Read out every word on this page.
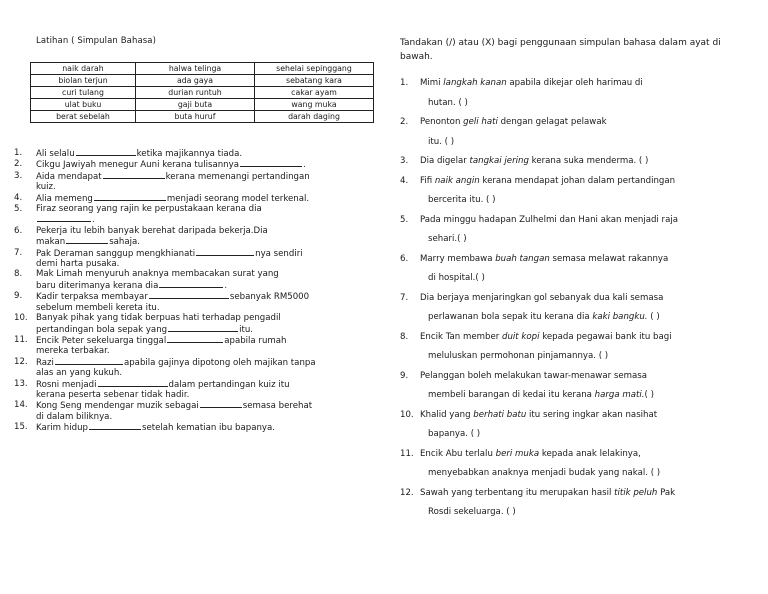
Latihan ( Simpulan Bahasa)
naik darah	halwa telinga	sehelai sepinggang
biolan terjun	ada gaya	sebatang kara
curi tulang	durian runtuh	cakar ayam
ulat buku	gaji buta	wang muka
berat sebelah	buta huruf	darah daging

1. Ali selalu	ketika majikannya tiada.

2. Cikgu Jawiyah menegur Auni kerana tulisannya	.

3. Aida mendapat	kerana memenangi pertandingan
kuiz.

4. Alia memeng	menjadi seorang model terkenal.

5. Firaz seorang yang rajin ke perpustakaan kerana dia
.

6. Pekerja itu lebih banyak berehat daripada bekerja.Dia
makan	sahaja.

7. Pak Deraman sanggup mengkhianati	nya sendiri
demi harta pusaka.

8. Mak Limah menyuruh anaknya membacakan surat yang
baru diterimanya kerana dia	.

9. Kadir terpaksa membayar	sebanyak RM5000
sebelum membeli kereta itu.

10. Banyak pihak yang tidak berpuas hati terhadap pengadil
pertandingan bola sepak yang	itu.

11. Encik Peter sekeluarga tinggal	apabila rumah
mereka terbakar.

12. Razi	apabila gajinya dipotong oleh majikan tanpa
alas an yang kukuh.

13. Rosni menjadi	dalam pertandingan kuiz itu
kerana peserta sebenar tidak hadir.

14. Kong Seng mendengar muzik sebagai	semasa berehat
di dalam biliknya.

15. Karim hidup	setelah kematian ibu bapanya.

Tandakan (/) atau (X) bagi penggunaan simpulan bahasa dalam ayat di bawah.

1. Mimi langkah kanan apabila dikejar oleh harimau di
hutan. ( )

2. Penonton geli hati dengan gelagat pelawak
itu. ( )

3. Dia digelar tangkai jering kerana suka menderma. ( )

4. Fifi naik angin kerana mendapat johan dalam pertandingan
bercerita itu. ( )

5. Pada minggu hadapan Zulhelmi dan Hani akan menjadi raja
sehari.( )

6. Marry membawa buah tangan semasa melawat rakannya
di hospital.( )

7. Dia berjaya menjaringkan gol sebanyak dua kali semasa
perlawanan bola sepak itu kerana dia kaki bangku. ( )

8. Encik Tan member duit kopi kepada pegawai bank itu bagi
meluluskan permohonan pinjamannya. ( )

9. Pelanggan boleh melakukan tawar-menawar semasa
membeli barangan di kedai itu kerana harga mati.( )

10. Khalid yang berhati batu itu sering ingkar akan nasihat
bapanya. ( )

11. Encik Abu terlalu beri muka kepada anak lelakinya,
menyebabkan anaknya menjadi budak yang nakal. ( )

12. Sawah yang terbentang itu merupakan hasil titik peluh Pak
Rosdi sekeluarga. ( )
